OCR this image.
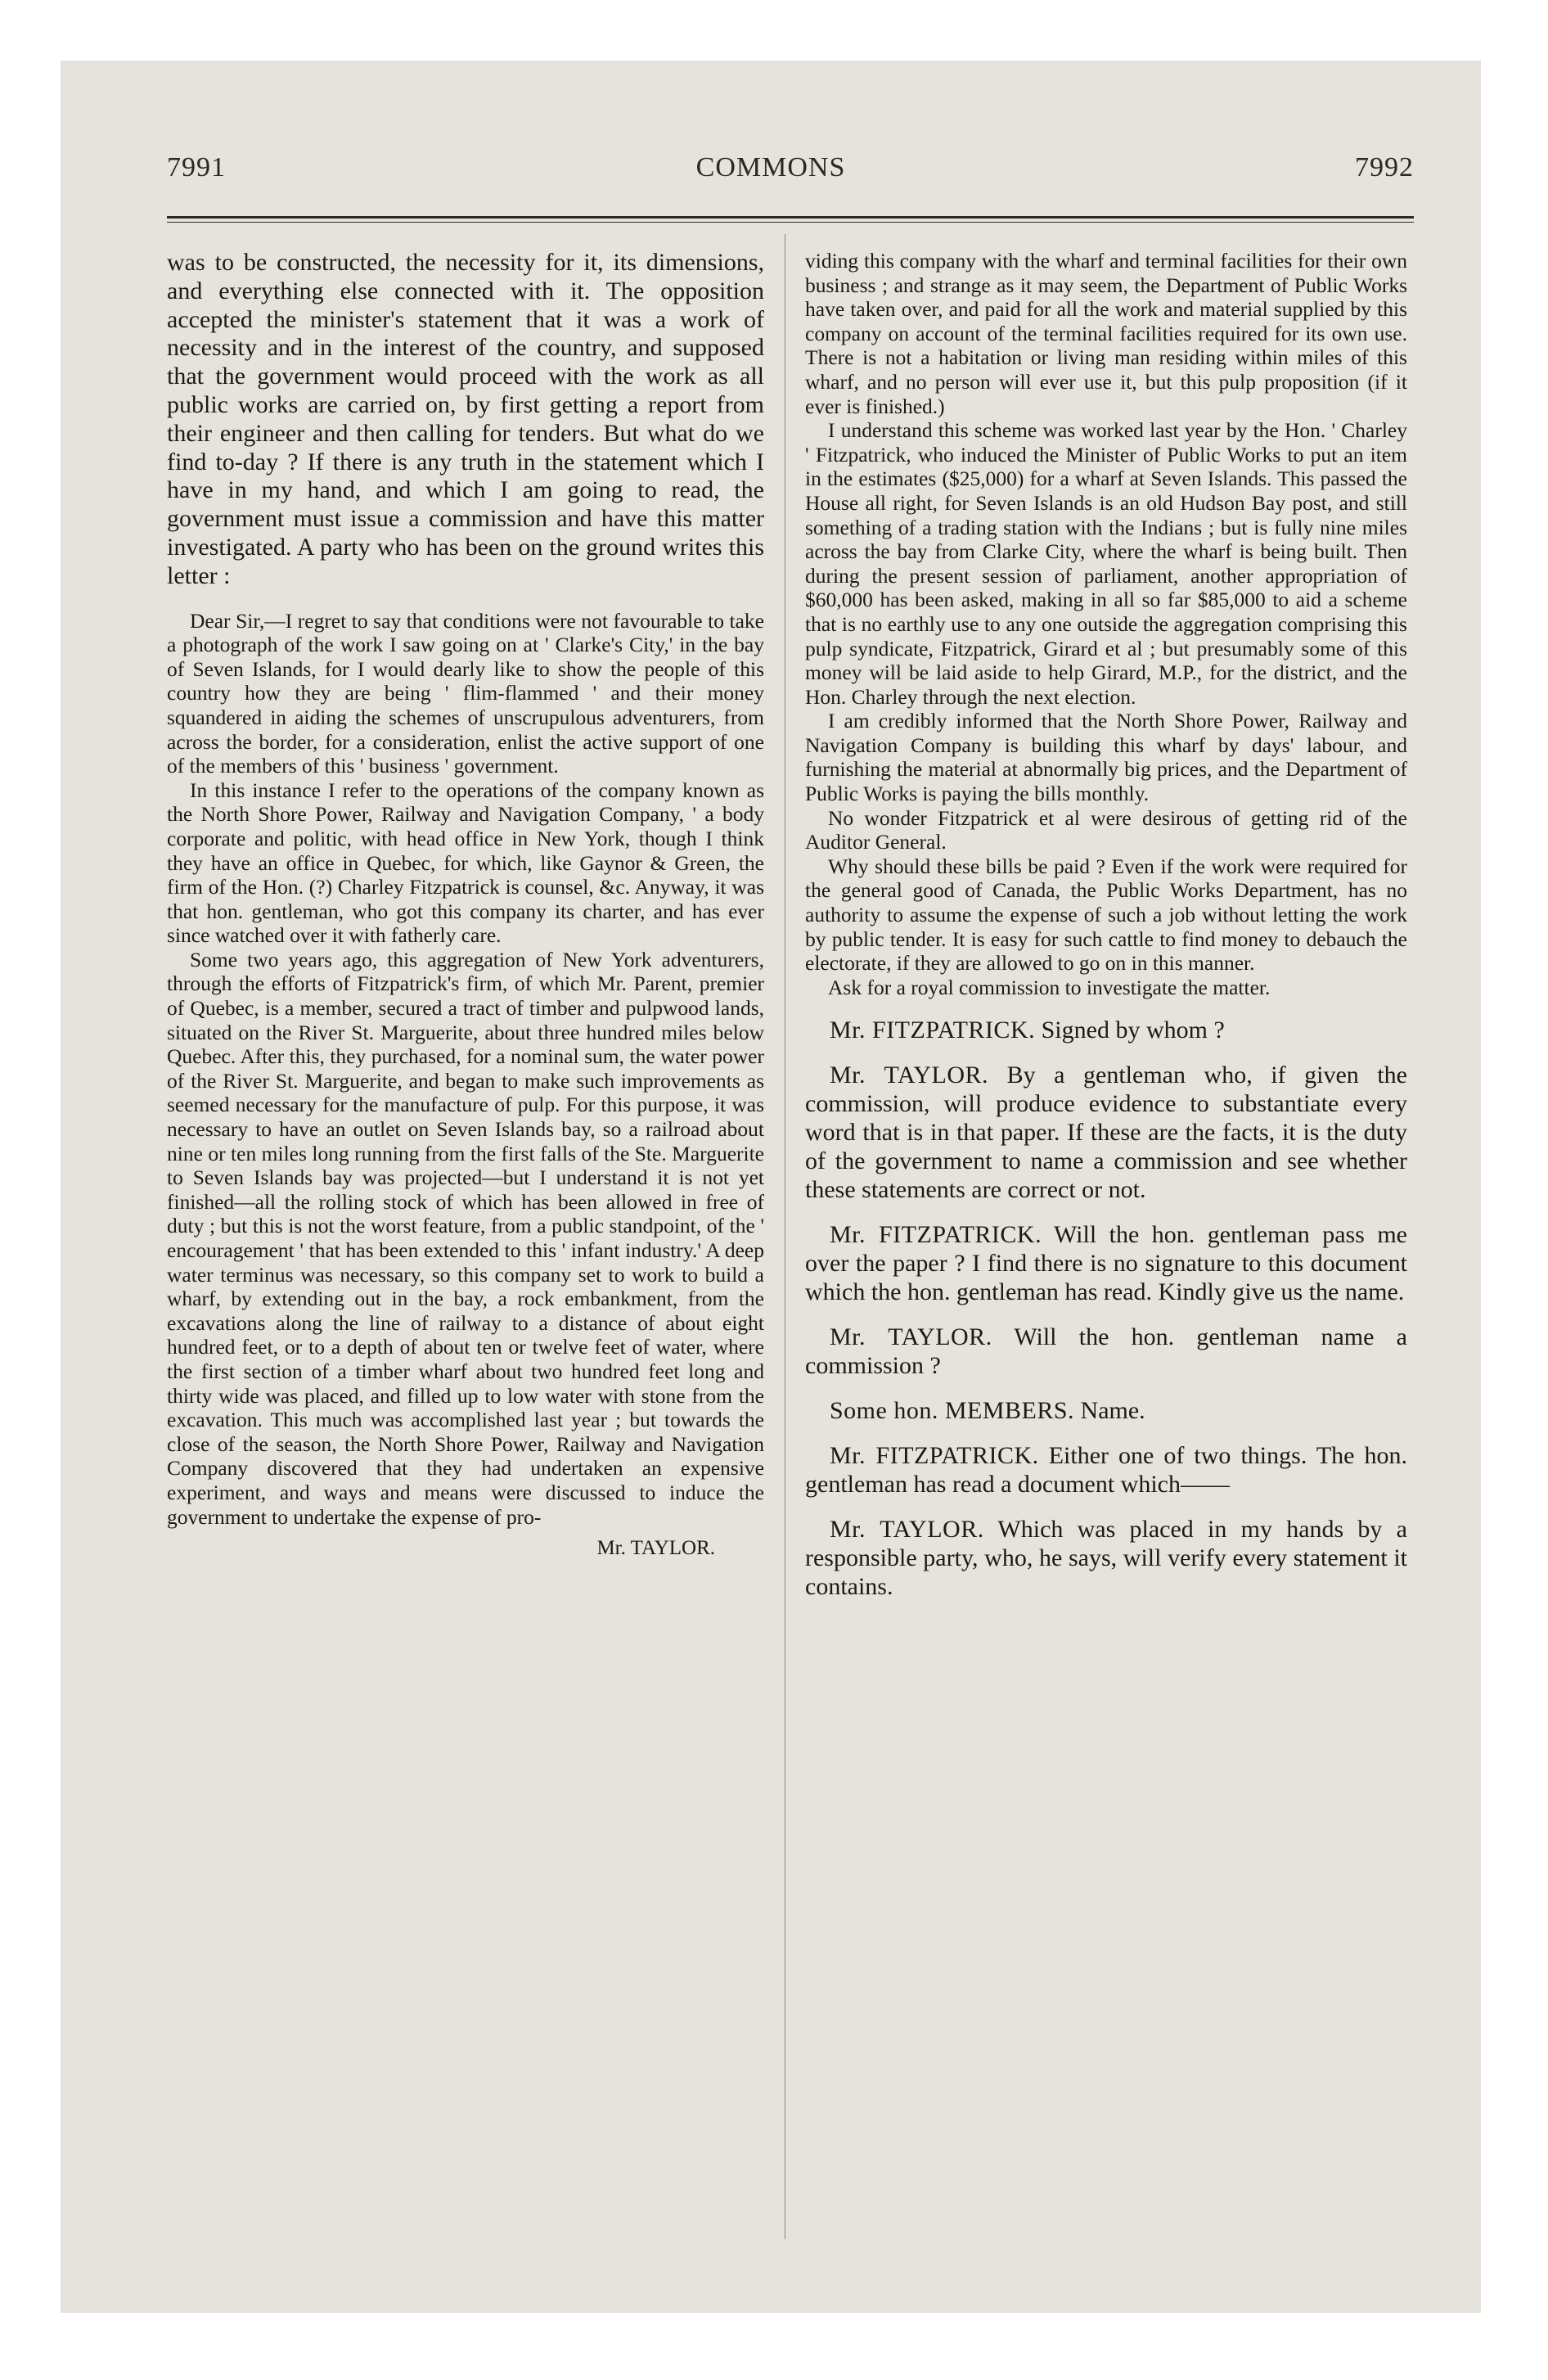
7991	COMMONS	7992

was to be constructed, the necessity for it, its dimensions, and everything else connected with it. The opposition accepted the minister's statement that it was a work of necessity and in the interest of the country, and supposed that the government would proceed with the work as all public works are carried on, by first getting a report from their engineer and then calling for tenders. But what do we find to-day ? If there is any truth in the statement which I have in my hand, and which I am going to read, the government must issue a commission and have this matter investigated. A party who has been on the ground writes this letter :

Dear Sir,—I regret to say that conditions were not favourable to take a photograph of the work I saw going on at ' Clarke's City,' in the bay of Seven Islands, for I would dearly like to show the people of this country how they are being ' flim-flammed ' and their money squandered in aiding the schemes of unscrupulous adventurers, from across the border, for a consideration, enlist the active support of one of the members of this ' business ' government.

In this instance I refer to the operations of the company known as the North Shore Power, Railway and Navigation Company, ' a body corporate and politic, with head office in New York, though I think they have an office in Quebec, for which, like Gaynor & Green, the firm of the Hon. (?) Charley Fitzpatrick is counsel, &c. Anyway, it was that hon. gentleman, who got this company its charter, and has ever since watched over it with fatherly care.

Some two years ago, this aggregation of New York adventurers, through the efforts of Fitzpatrick's firm, of which Mr. Parent, premier of Quebec, is a member, secured a tract of timber and pulpwood lands, situated on the River St. Marguerite, about three hundred miles below Quebec. After this, they purchased, for a nominal sum, the water power of the River St. Marguerite, and began to make such improvements as seemed necessary for the manufacture of pulp. For this purpose, it was necessary to have an outlet on Seven Islands bay, so a railroad about nine or ten miles long running from the first falls of the Ste. Marguerite to Seven Islands bay was projected—but I understand it is not yet finished—all the rolling stock of which has been allowed in free of duty ; but this is not the worst feature, from a public standpoint, of the ' encouragement ' that has been extended to this ' infant industry.' A deep water terminus was necessary, so this company set to work to build a wharf, by extending out in the bay, a rock embankment, from the excavations along the line of railway to a distance of about eight hundred feet, or to a depth of about ten or twelve feet of water, where the first section of a timber wharf about two hundred feet long and thirty wide was placed, and filled up to low water with stone from the excavation. This much was accomplished last year ; but towards the close of the season, the North Shore Power, Railway and Navigation Company discovered that they had undertaken an expensive experiment, and ways and means were discussed to induce the government to undertake the expense of pro-

Mr. TAYLOR.

viding this company with the wharf and terminal facilities for their own business ; and strange as it may seem, the Department of Public Works have taken over, and paid for all the work and material supplied by this company on account of the terminal facilities required for its own use. There is not a habitation or living man residing within miles of this wharf, and no person will ever use it, but this pulp proposition (if it ever is finished.)

I understand this scheme was worked last year by the Hon. ' Charley ' Fitzpatrick, who induced the Minister of Public Works to put an item in the estimates ($25,000) for a wharf at Seven Islands. This passed the House all right, for Seven Islands is an old Hudson Bay post, and still something of a trading station with the Indians ; but is fully nine miles across the bay from Clarke City, where the wharf is being built. Then during the present session of parliament, another appropriation of $60,000 has been asked, making in all so far $85,000 to aid a scheme that is no earthly use to any one outside the aggregation comprising this pulp syndicate, Fitzpatrick, Girard et al ; but presumably some of this money will be laid aside to help Girard, M.P., for the district, and the Hon. Charley through the next election.

I am credibly informed that the North Shore Power, Railway and Navigation Company is building this wharf by days' labour, and furnishing the material at abnormally big prices, and the Department of Public Works is paying the bills monthly.

No wonder Fitzpatrick et al were desirous of getting rid of the Auditor General.

Why should these bills be paid ? Even if the work were required for the general good of Canada, the Public Works Department, has no authority to assume the expense of such a job without letting the work by public tender. It is easy for such cattle to find money to debauch the electorate, if they are allowed to go on in this manner.

Ask for a royal commission to investigate the matter.

Mr. FITZPATRICK. Signed by whom ?

Mr. TAYLOR. By a gentleman who, if given the commission, will produce evidence to substantiate every word that is in that paper. If these are the facts, it is the duty of the government to name a commission and see whether these statements are correct or not.

Mr. FITZPATRICK. Will the hon. gentleman pass me over the paper ? I find there is no signature to this document which the hon. gentleman has read. Kindly give us the name.

Mr. TAYLOR. Will the hon. gentleman name a commission ?

Some hon. MEMBERS. Name.

Mr. FITZPATRICK. Either one of two things. The hon. gentleman has read a document which——

Mr. TAYLOR. Which was placed in my hands by a responsible party, who, he says, will verify every statement it contains.
